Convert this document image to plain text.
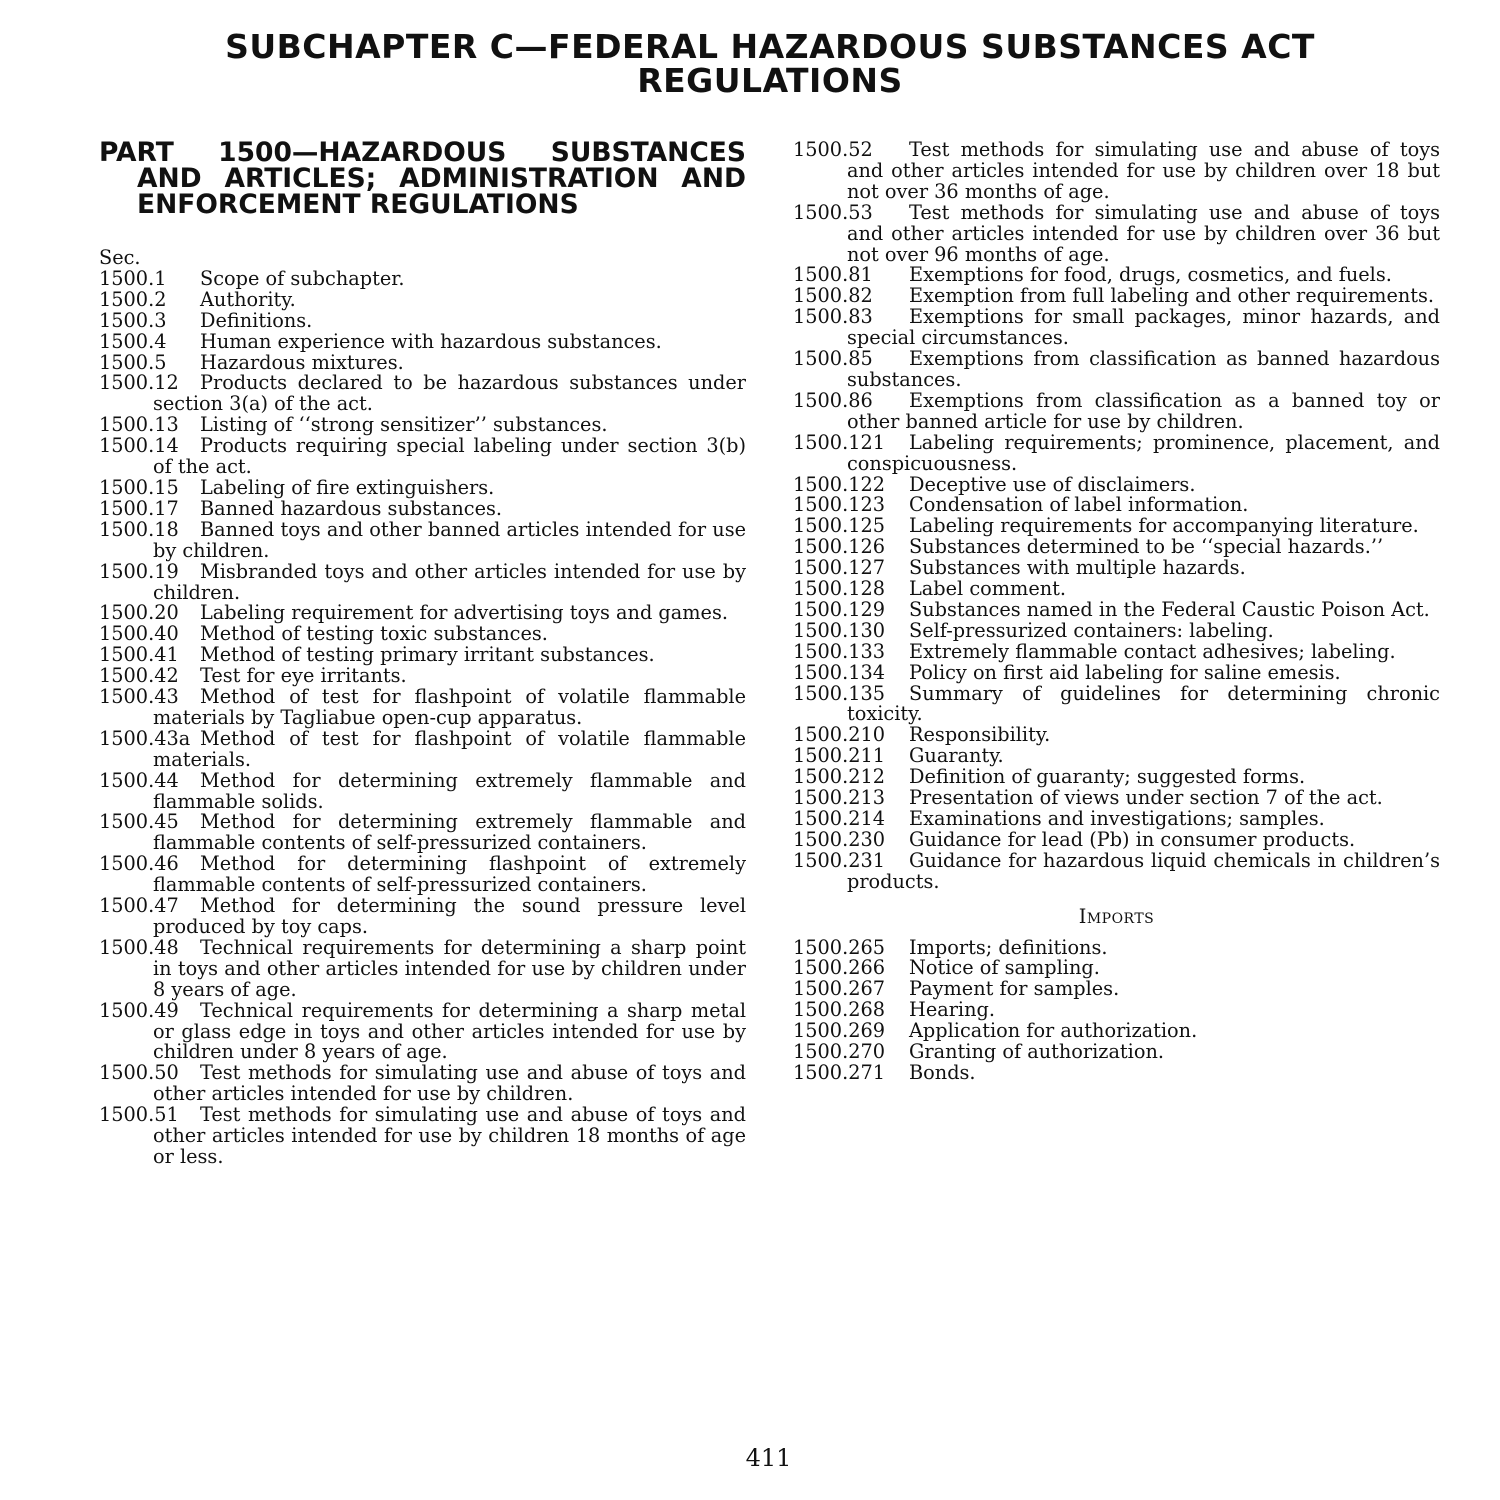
SUBCHAPTER C—FEDERAL HAZARDOUS SUBSTANCES ACT REGULATIONS
PART 1500—HAZARDOUS SUBSTANCES AND ARTICLES; ADMINISTRATION AND ENFORCEMENT REGULATIONS

Sec.

1500.1 Scope of subchapter.
1500.2 Authority.
1500.3 Definitions.
1500.4 Human experience with hazardous substances.
1500.5 Hazardous mixtures.
1500.12 Products declared to be hazardous substances under section 3(a) of the act.
1500.13 Listing of ‘‘strong sensitizer’’ substances.
1500.14 Products requiring special labeling under section 3(b) of the act.
1500.15 Labeling of fire extinguishers.
1500.17 Banned hazardous substances.
1500.18 Banned toys and other banned articles intended for use by children.
1500.19 Misbranded toys and other articles intended for use by children.
1500.20 Labeling requirement for advertising toys and games.
1500.40 Method of testing toxic substances.
1500.41 Method of testing primary irritant substances.
1500.42 Test for eye irritants.
1500.43 Method of test for flashpoint of volatile flammable materials by Tagliabue open-cup apparatus.
1500.43a Method of test for flashpoint of volatile flammable materials.
1500.44 Method for determining extremely flammable and flammable solids.
1500.45 Method for determining extremely flammable and flammable contents of self-pressurized containers.
1500.46 Method for determining flashpoint of extremely flammable contents of self-pressurized containers.
1500.47 Method for determining the sound pressure level produced by toy caps.
1500.48 Technical requirements for determining a sharp point in toys and other articles intended for use by children under 8 years of age.
1500.49 Technical requirements for determining a sharp metal or glass edge in toys and other articles intended for use by children under 8 years of age.
1500.50 Test methods for simulating use and abuse of toys and other articles intended for use by children.
1500.51 Test methods for simulating use and abuse of toys and other articles intended for use by children 18 months of age or less.
1500.52 Test methods for simulating use and abuse of toys and other articles intended for use by children over 18 but not over 36 months of age.
1500.53 Test methods for simulating use and abuse of toys and other articles intended for use by children over 36 but not over 96 months of age.
1500.81 Exemptions for food, drugs, cosmetics, and fuels.
1500.82 Exemption from full labeling and other requirements.
1500.83 Exemptions for small packages, minor hazards, and special circumstances.
1500.85 Exemptions from classification as banned hazardous substances.
1500.86 Exemptions from classification as a banned toy or other banned article for use by children.
1500.121 Labeling requirements; prominence, placement, and conspicuousness.
1500.122 Deceptive use of disclaimers.
1500.123 Condensation of label information.
1500.125 Labeling requirements for accompanying literature.
1500.126 Substances determined to be ‘‘special hazards.’’
1500.127 Substances with multiple hazards.
1500.128 Label comment.
1500.129 Substances named in the Federal Caustic Poison Act.
1500.130 Self-pressurized containers: labeling.
1500.133 Extremely flammable contact adhesives; labeling.
1500.134 Policy on first aid labeling for saline emesis.
1500.135 Summary of guidelines for determining chronic toxicity.
1500.210 Responsibility.
1500.211 Guaranty.
1500.212 Definition of guaranty; suggested forms.
1500.213 Presentation of views under section 7 of the act.
1500.214 Examinations and investigations; samples.
1500.230 Guidance for lead (Pb) in consumer products.
1500.231 Guidance for hazardous liquid chemicals in children’s products.
Imports
1500.265 Imports; definitions.
1500.266 Notice of sampling.
1500.267 Payment for samples.
1500.268 Hearing.
1500.269 Application for authorization.
1500.270 Granting of authorization.
1500.271 Bonds.

411
